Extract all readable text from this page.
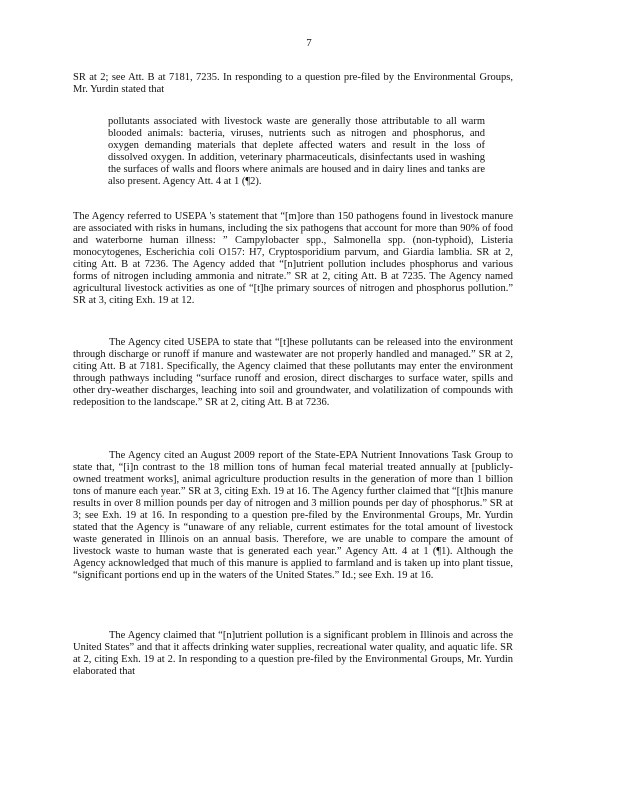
7

SR at 2; see Att. B at 7181, 7235. In responding to a question pre-filed by the Environmental Groups, Mr. Yurdin stated that

pollutants associated with livestock waste are generally those attributable to all warm blooded animals: bacteria, viruses, nutrients such as nitrogen and phosphorus, and oxygen demanding materials that deplete affected waters and result in the loss of dissolved oxygen. In addition, veterinary pharmaceuticals, disinfectants used in washing the surfaces of walls and floors where animals are housed and in dairy lines and tanks are also present. Agency Att. 4 at 1 (¶2).

The Agency referred to USEPA 's statement that “[m]ore than 150 pathogens found in livestock manure are associated with risks in humans, including the six pathogens that account for more than 90% of food and waterborne human illness: ” Campylobacter spp., Salmonella spp. (non-typhoid), Listeria monocytogenes, Escherichia coli O157: H7, Cryptosporidium parvum, and Giardia lamblia. SR at 2, citing Att. B at 7236. The Agency added that “[n]utrient pollution includes phosphorus and various forms of nitrogen including ammonia and nitrate.” SR at 2, citing Att. B at 7235. The Agency named agricultural livestock activities as one of “[t]he primary sources of nitrogen and phosphorus pollution.” SR at 3, citing Exh. 19 at 12.

The Agency cited USEPA to state that “[t]hese pollutants can be released into the environment through discharge or runoff if manure and wastewater are not properly handled and managed.” SR at 2, citing Att. B at 7181. Specifically, the Agency claimed that these pollutants may enter the environment through pathways including “surface runoff and erosion, direct discharges to surface water, spills and other dry-weather discharges, leaching into soil and groundwater, and volatilization of compounds with redeposition to the landscape.” SR at 2, citing Att. B at 7236.

The Agency cited an August 2009 report of the State-EPA Nutrient Innovations Task Group to state that, “[i]n contrast to the 18 million tons of human fecal material treated annually at [publicly-owned treatment works], animal agriculture production results in the generation of more than 1 billion tons of manure each year.” SR at 3, citing Exh. 19 at 16. The Agency further claimed that “[t]his manure results in over 8 million pounds per day of nitrogen and 3 million pounds per day of phosphorus.” SR at 3; see Exh. 19 at 16. In responding to a question pre-filed by the Environmental Groups, Mr. Yurdin stated that the Agency is “unaware of any reliable, current estimates for the total amount of livestock waste generated in Illinois on an annual basis. Therefore, we are unable to compare the amount of livestock waste to human waste that is generated each year.” Agency Att. 4 at 1 (¶1). Although the Agency acknowledged that much of this manure is applied to farmland and is taken up into plant tissue, “significant portions end up in the waters of the United States.” Id.; see Exh. 19 at 16.

The Agency claimed that “[n]utrient pollution is a significant problem in Illinois and across the United States” and that it affects drinking water supplies, recreational water quality, and aquatic life. SR at 2, citing Exh. 19 at 2. In responding to a question pre-filed by the Environmental Groups, Mr. Yurdin elaborated that
